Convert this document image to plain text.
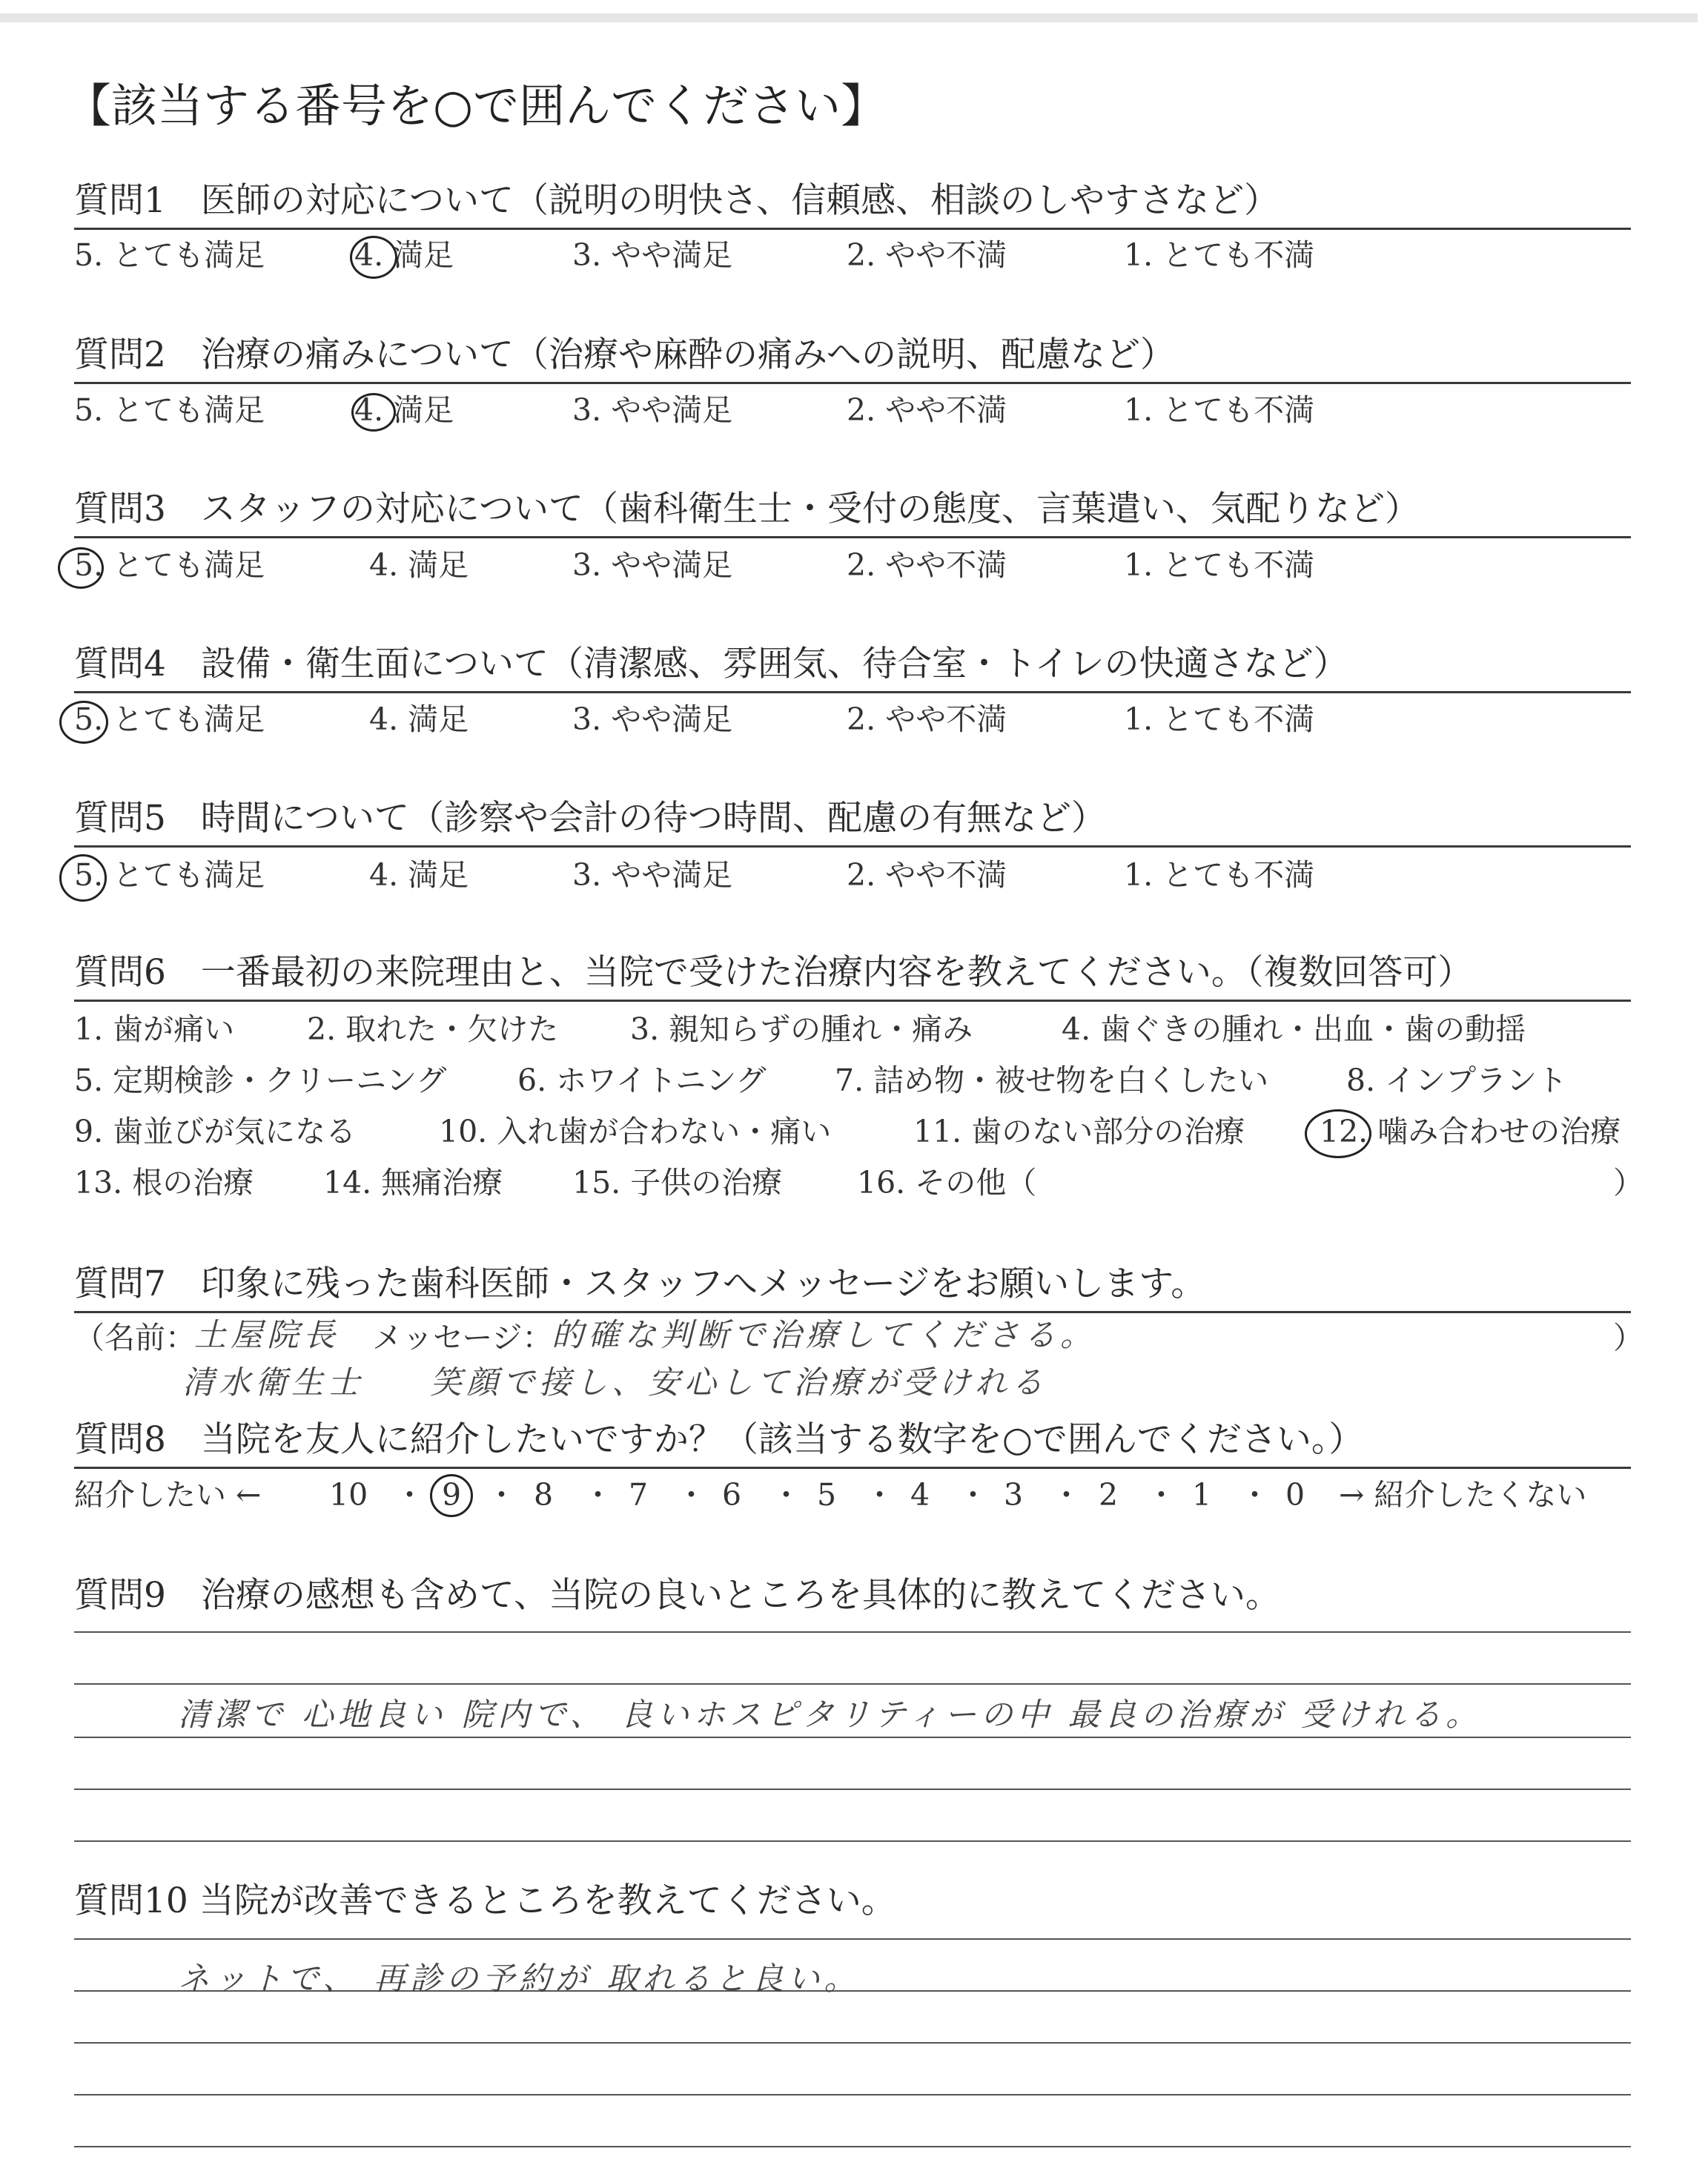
【該当する番号を○で囲んでください】
質問1　医師の対応について（説明の明快さ、信頼感、相談のしやすさなど）
5. とても満足	4. 満足	3. やや満足	2. やや不満	1. とても不満
質問2　治療の痛みについて（治療や麻酔の痛みへの説明、配慮など）
5. とても満足	4. 満足	3. やや満足	2. やや不満	1. とても不満
質問3　スタッフの対応について（歯科衛生士・受付の態度、言葉遣い、気配りなど）
5. とても満足	4. 満足	3. やや満足	2. やや不満	1. とても不満
質問4　設備・衛生面について（清潔感、雰囲気、待合室・トイレの快適さなど）
5. とても満足	4. 満足	3. やや満足	2. やや不満	1. とても不満
質問5　時間について（診察や会計の待つ時間、配慮の有無など）
5. とても満足	4. 満足	3. やや満足	2. やや不満	1. とても不満
質問6　一番最初の来院理由と、当院で受けた治療内容を教えてください。（複数回答可）
1. 歯が痛い 2. 取れた・欠けた 3. 親知らずの腫れ・痛み	4. 歯ぐきの腫れ・出血・歯の動揺
5. 定期検診・クリーニング 6. ホワイトニング 7. 詰め物・被せ物を白くしたい	8. インプラント
9. 歯並びが気になる	10. 入れ歯が合わない・痛い	11. 歯のない部分の治療 12. 噛み合わせの治療
13. 根の治療 14. 無痛治療 15. 子供の治療 16. その他（	）
質問7　印象に残った歯科医師・スタッフへメッセージをお願いします。
（名前：
土屋院長 メッセージ：
的確な判断で治療してくださる。	）
清水衛生士 笑顔で接し、安心して治療が受けれる
質問8　当院を友人に紹介したいですか？（該当する数字を○で囲んでください。）
紹介したい ← 10 ・ 9 ・ 8 ・ 7 ・ 6 ・ 5 ・ 4 ・ 3 ・ 2 ・ 1 ・ 0 → 紹介したくない
質問9　治療の感想も含めて、当院の良いところを具体的に教えてください。
清潔で 心地良い 院内で、 良いホスピタリティーの中 最良の治療が 受けれる。
質問10 当院が改善できるところを教えてください。
ネットで、 再診の予約が 取れると良い。
